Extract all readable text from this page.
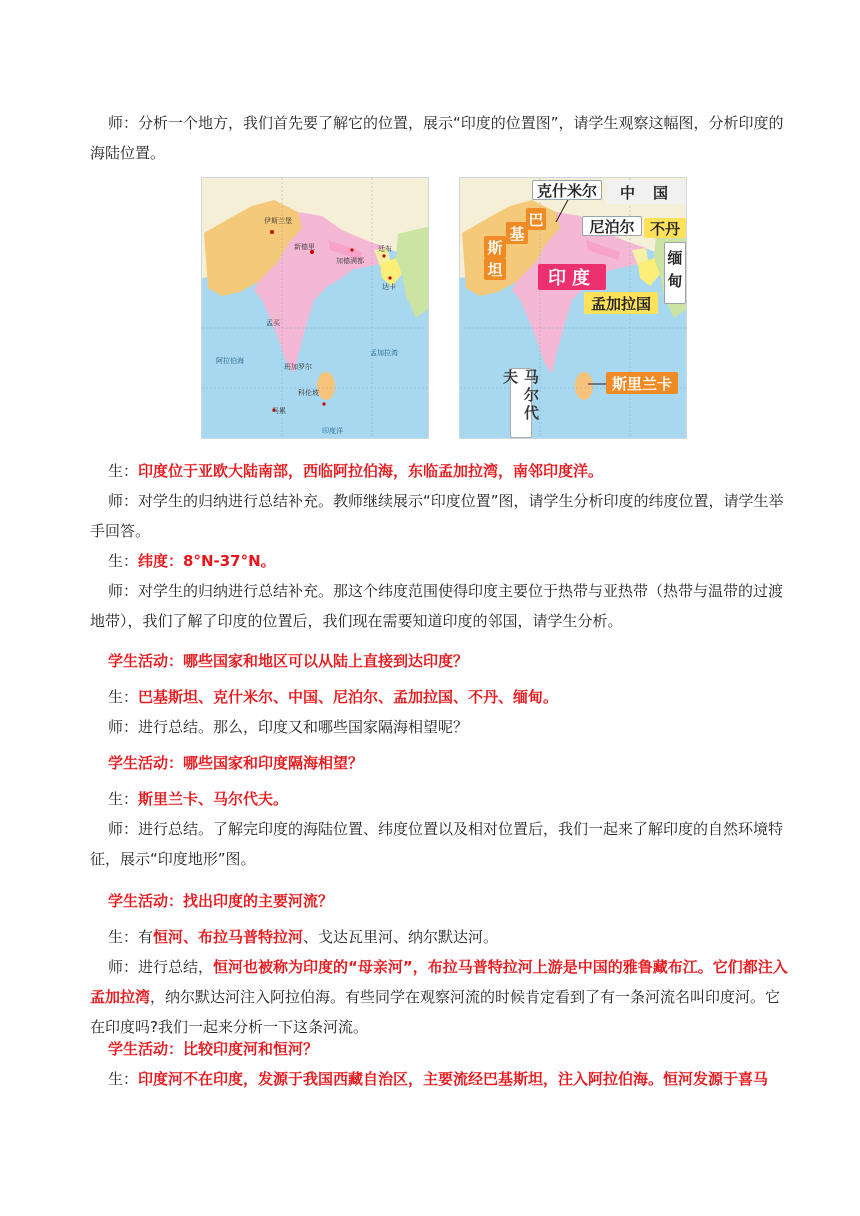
师：分析一个地方，我们首先要了解它的位置，展示“印度的位置图”，请学生观察这幅图，分析印度的海陆位置。

生：印度位于亚欧大陆南部，西临阿拉伯海，东临孟加拉湾，南邻印度洋。

师：对学生的归纳进行总结补充。教师继续展示“印度位置”图，请学生分析印度的纬度位置，请学生举手回答。

生：纬度：8°N-37°N。

师：对学生的归纳进行总结补充。那这个纬度范围使得印度主要位于热带与亚热带（热带与温带的过渡地带），我们了解了印度的位置后，我们现在需要知道印度的邻国，请学生分析。

学生活动：哪些国家和地区可以从陆上直接到达印度？

生：巴基斯坦、克什米尔、中国、尼泊尔、孟加拉国、不丹、缅甸。

师：进行总结。那么，印度又和哪些国家隔海相望呢？

学生活动：哪些国家和印度隔海相望？

生：斯里兰卡、马尔代夫。

师：进行总结。了解完印度的海陆位置、纬度位置以及相对位置后，我们一起来了解印度的自然环境特征，展示“印度地形”图。

学生活动：找出印度的主要河流？

生：有恒河、布拉马普特拉河、戈达瓦里河、纳尔默达河。

师：进行总结，恒河也被称为印度的“母亲河”，布拉马普特拉河上游是中国的雅鲁藏布江。它们都注入孟加拉湾，纳尔默达河注入阿拉伯海。有些同学在观察河流的时候肯定看到了有一条河流名叫印度河。它在印度吗?我们一起来分析一下这条河流。

学生活动：比较印度河和恒河？

生：印度河不在印度，发源于我国西藏自治区，主要流经巴基斯坦，注入阿拉伯海。恒河发源于喜马

伊斯兰堡
新德里
加德满都
廷布
达卡
孟买
班加罗尔
科伦坡
马累
阿拉伯海
孟加拉湾
印度洋
克什米尔	中国
巴
基
斯
坦
尼泊尔	不丹
缅甸
印度
孟加拉国
斯里兰卡
马尔代夫
